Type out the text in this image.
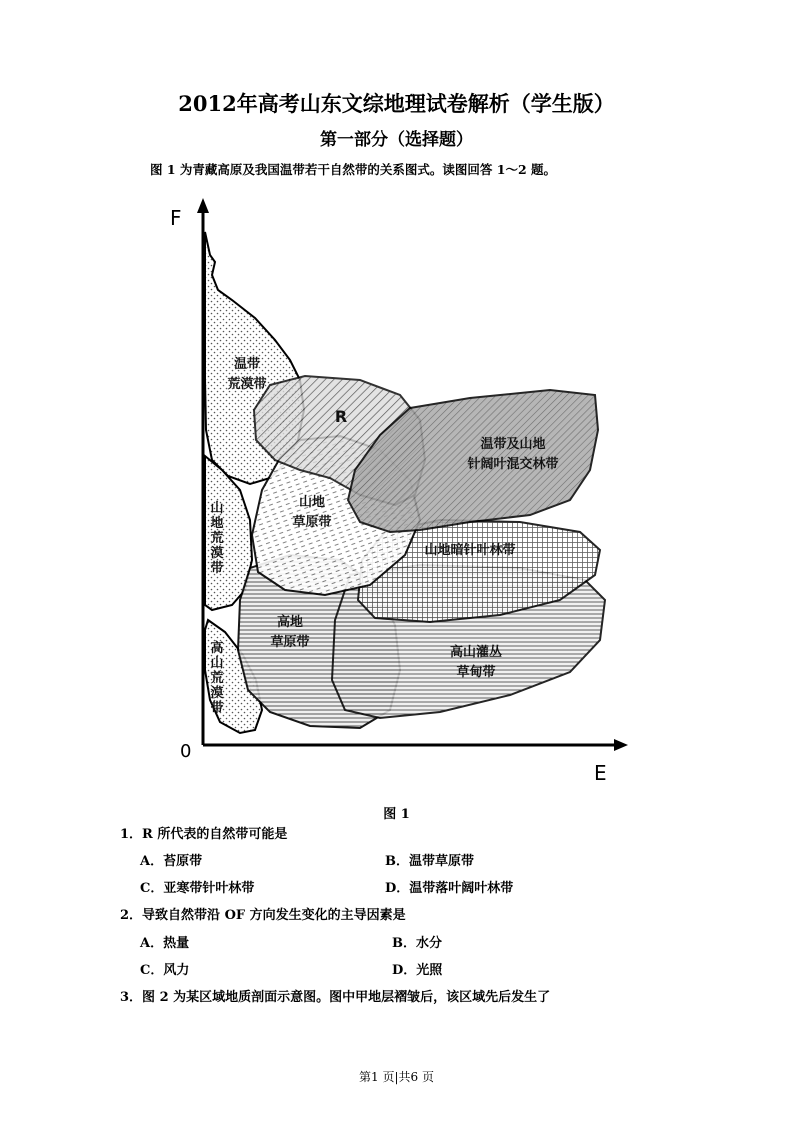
2012年高考山东文综地理试卷解析（学生版）
第一部分（选择题）
图 1 为青藏高原及我国温带若干自然带的关系图式。读图回答 1～2 题。
F
E
0
温带
荒漠带
R
温带及山地
针阔叶混交林带
山地
草原带
山
地
荒
漠
带
山地暗针叶林带
高地
草原带
高
山
荒
漠
带
高山灌丛
草甸带
图 1
1．R 所代表的自然带可能是
A．苔原带	B．温带草原带
C．亚寒带针叶林带	D．温带落叶阔叶林带
2．导致自然带沿 OF 方向发生变化的主导因素是
A．热量	B．水分
C．风力	D．光照
3．图 2 为某区域地质剖面示意图。图中甲地层褶皱后，该区域先后发生了
第1 页|共6 页
